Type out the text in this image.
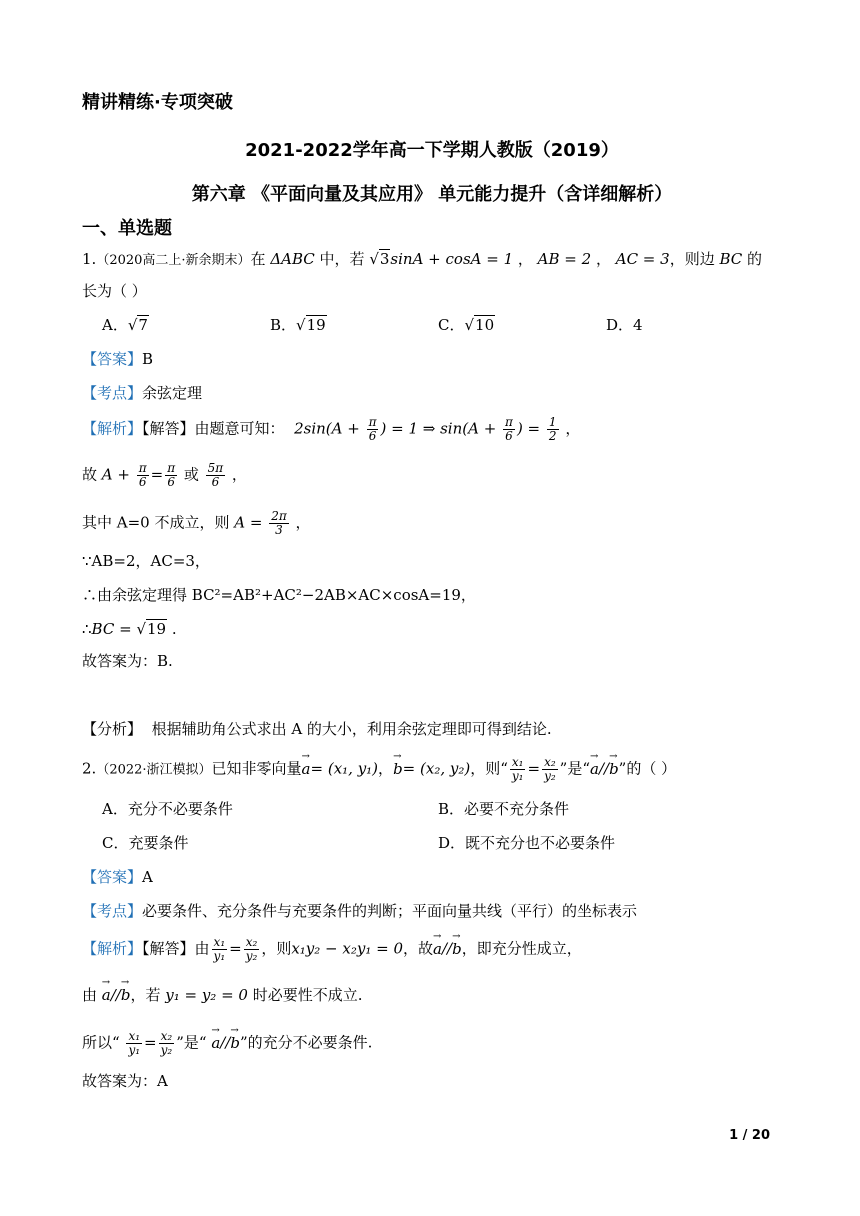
精讲精练·专项突破
2021-2022学年高一下学期人教版（2019）
第六章 《平面向量及其应用》 单元能力提升（含详细解析）
一、单选题
1.（2020高二上·新余期末）在 ΔABC 中，若 √3sinA + cosA = 1 ， AB = 2 ， AC = 3，则边 BC 的
长为（ ）
A．√7	B．√19	C．√10	D．4
【答案】B
【考点】余弦定理
【解析】【解答】由题意可知： $2\sin(A + \frac{\pi}{6}$ ) = 1 ⇒ $\sin(A + \frac{\pi}{6}$ ) = $\frac{1}{2}$ ，
故 $A + \frac{\pi}{6} = \frac{\pi}{6}$ 或 $\frac{5\pi}{6}$ ，
其中 A=0 不成立，则 $A = \frac{2\pi}{3}$ ，
∵AB=2，AC=3，
∴由余弦定理得 BC²=AB²+AC²−2AB×AC×cosA=19，
∴BC = √19 .
故答案为：B.
【分析】 根据辅助角公式求出 A 的大小，利用余弦定理即可得到结论.
2.（2022·浙江模拟）已知非零向量→ a= (x₁, y₁)，→ b= (x₂, y₂)，则“ $\frac{\text{x₁}}{\text{y₁}} = \frac{\text{x₂}}{\text{y₂}}$ ”是“→ a//→ b”的（ ）
A．充分不必要条件	B．必要不充分条件
C．充要条件	D．既不充分也不必要条件
【答案】A
【考点】必要条件、充分条件与充要条件的判断；平面向量共线（平行）的坐标表示
【解析】【解答】由 $\frac{\text{x₁}}{\text{y₁}} = \frac{\text{x₂}}{\text{y₂}}$ ，则x₁y₂ − x₂y₁ = 0，故→ a//→ b，即充分性成立，
由 → a//→ b，若 y₁ = y₂ = 0 时必要性不成立.
所以“ $\frac{\text{x₁}}{\text{y₁}} = \frac{\text{x₂}}{\text{y₂}}$ ”是“ → a//→ b”的充分不必要条件.
故答案为：A
1 / 20
